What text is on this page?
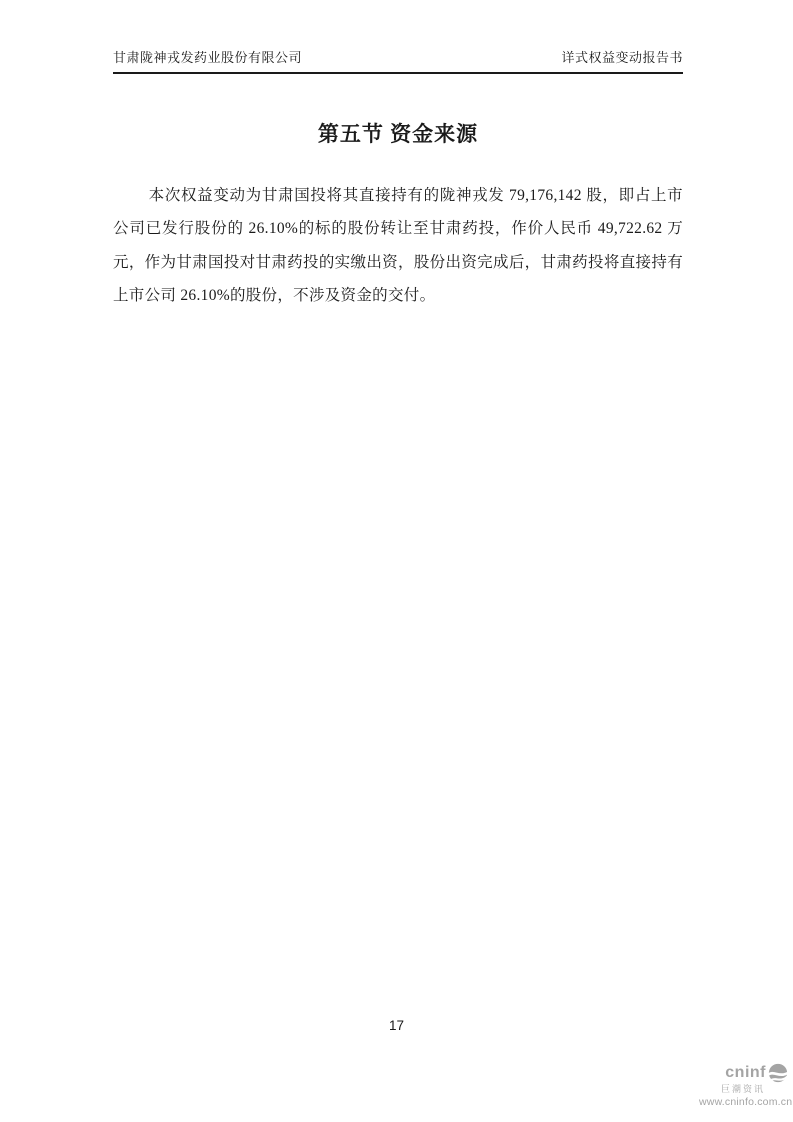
甘肃陇神戎发药业股份有限公司	详式权益变动报告书
第五节 资金来源

本次权益变动为甘肃国投将其直接持有的陇神戎发 79,176,142 股，即占上市公司已发行股份的 26.10%的标的股份转让至甘肃药投，作价人民币 49,722.62 万元，作为甘肃国投对甘肃药投的实缴出资，股份出资完成后，甘肃药投将直接持有上市公司 26.10%的股份，不涉及资金的交付。

17
cninf
巨潮资讯
www.cninfo.com.cn
